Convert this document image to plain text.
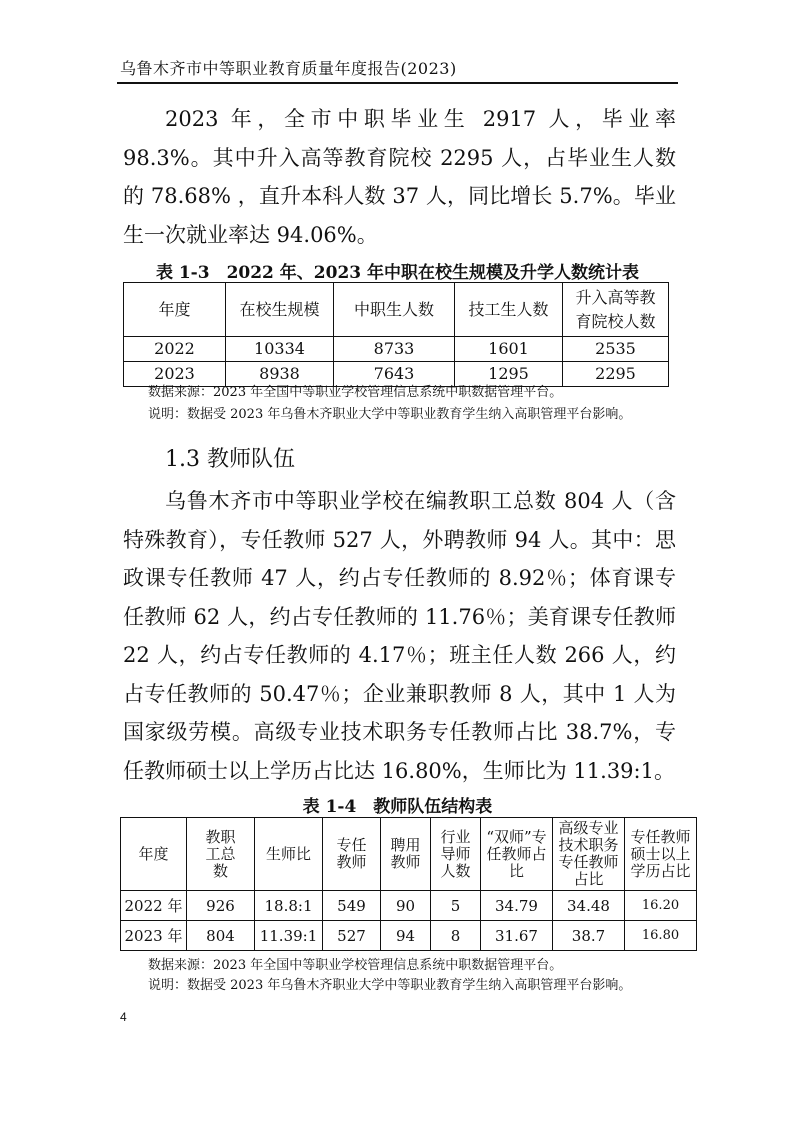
乌鲁木齐市中等职业教育质量年度报告(2023)

2023 年，全市中职毕业生 2917 人，毕业率 98.3%。其中升入高等教育院校 2295 人，占毕业生人数的 78.68% ，直升本科人数 37 人，同比增长 5.7%。毕业生一次就业率达 94.06%。

表 1-3　2022 年、2023 年中职在校生规模及升学人数统计表
年度	在校生规模	中职生人数	技工生人数	升入高等教育院校人数
2022	10334	8733	1601	2535
2023	8938	7643	1295	2295
数据来源：2023 年全国中等职业学校管理信息系统中职数据管理平台。
说明：数据受 2023 年乌鲁木齐职业大学中等职业教育学生纳入高职管理平台影响。
1.3 教师队伍

乌鲁木齐市中等职业学校在编教职工总数 804 人（含特殊教育），专任教师 527 人，外聘教师 94 人。其中：思政课专任教师 47 人，约占专任教师的 8.92％；体育课专任教师 62 人，约占专任教师的 11.76％；美育课专任教师 22 人，约占专任教师的 4.17％；班主任人数 266 人，约占专任教师的 50.47％；企业兼职教师 8 人，其中 1 人为国家级劳模。高级专业技术职务专任教师占比 38.7%，专任教师硕士以上学历占比达 16.80%，生师比为 11.39:1。

表 1-4　教师队伍结构表
年度	教职工总数	生师比	专任教师	聘用教师	行业导师人数	“双师”专任教师占比	高级专业技术职务专任教师占比	专任教师硕士以上学历占比
2022 年	926	18.8:1	549	90	5	34.79	34.48	16.20
2023 年	804	11.39:1	527	94	8	31.67	38.7	16.80
数据来源：2023 年全国中等职业学校管理信息系统中职数据管理平台。
说明：数据受 2023 年乌鲁木齐职业大学中等职业教育学生纳入高职管理平台影响。
4
